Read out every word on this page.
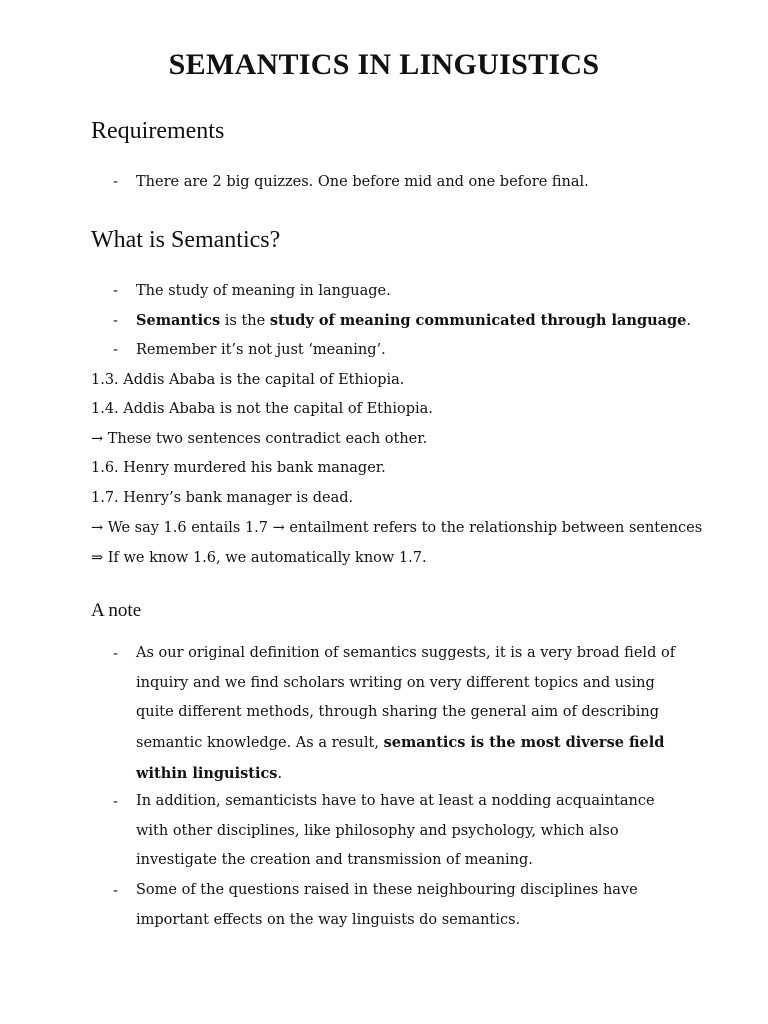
SEMANTICS IN LINGUISTICS
Requirements
- There are 2 big quizzes. One before mid and one before final.
What is Semantics?
- The study of meaning in language.
- Semantics is the study of meaning communicated through language.
- Remember it’s not just ‘meaning’.
1.3. Addis Ababa is the capital of Ethiopia.
1.4. Addis Ababa is not the capital of Ethiopia.
→ These two sentences contradict each other.
1.6. Henry murdered his bank manager.
1.7. Henry’s bank manager is dead.
→ We say 1.6 entails 1.7 → entailment refers to the relationship between sentences
⇒ If we know 1.6, we automatically know 1.7.
A note
- As our original definition of semantics suggests, it is a very broad field of inquiry and we find scholars writing on very different topics and using quite different methods, through sharing the general aim of describing semantic knowledge. As a result, semantics is the most diverse field within linguistics.
- In addition, semanticists have to have at least a nodding acquaintance with other disciplines, like philosophy and psychology, which also investigate the creation and transmission of meaning.
- Some of the questions raised in these neighbouring disciplines have important effects on the way linguists do semantics.
